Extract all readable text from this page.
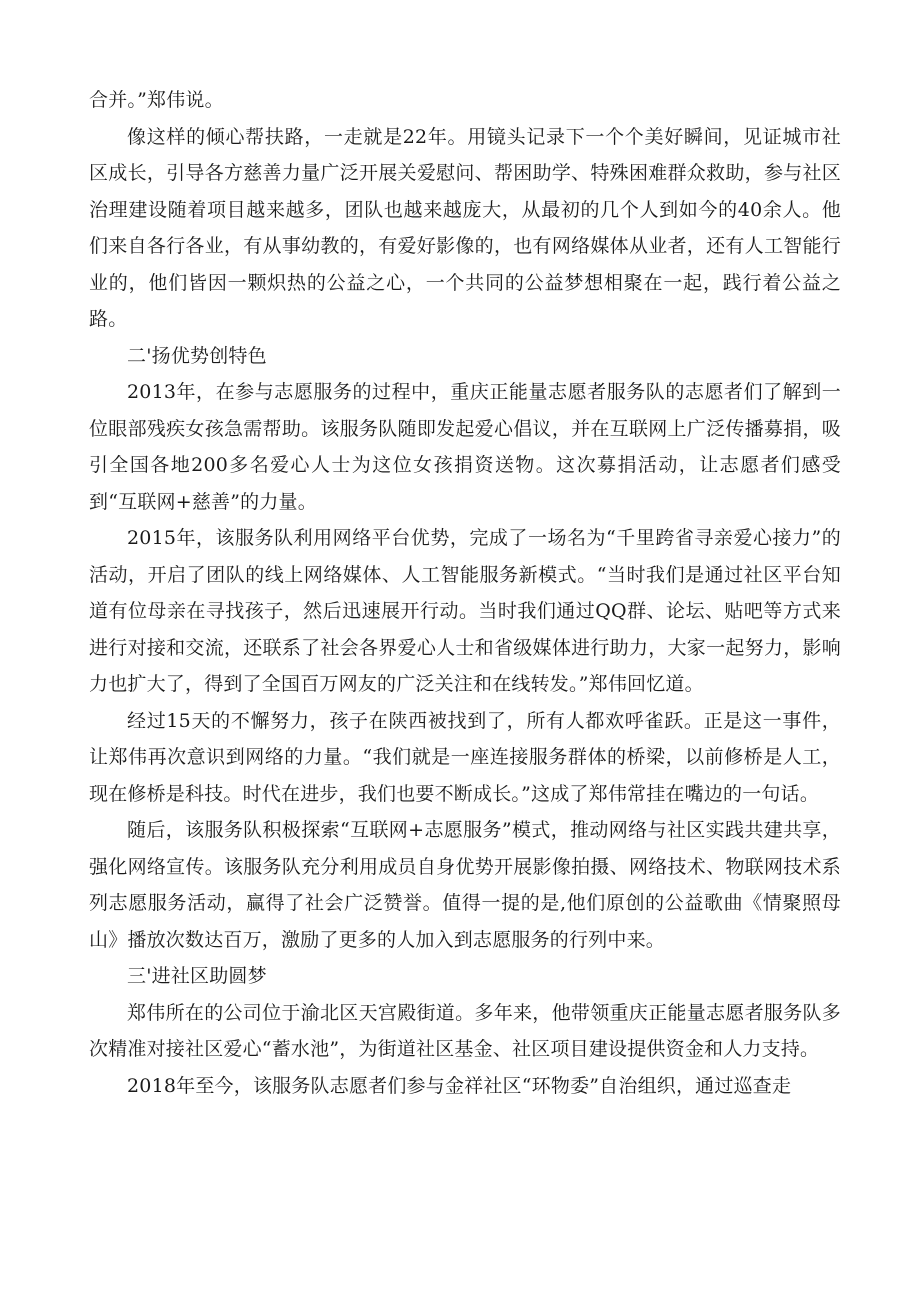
合并。”郑伟说。

像这样的倾心帮扶路，一走就是22年。用镜头记录下一个个美好瞬间，见证城市社区成长，引导各方慈善力量广泛开展关爱慰问、帮困助学、特殊困难群众救助，参与社区治理建设随着项目越来越多，团队也越来越庞大，从最初的几个人到如今的40余人。他们来自各行各业，有从事幼教的，有爱好影像的，也有网络媒体从业者，还有人工智能行业的，他们皆因一颗炽热的公益之心，一个共同的公益梦想相聚在一起，践行着公益之路。

二'扬优势创特色

2013年，在参与志愿服务的过程中，重庆正能量志愿者服务队的志愿者们了解到一位眼部残疾女孩急需帮助。该服务队随即发起爱心倡议，并在互联网上广泛传播募捐，吸引全国各地200多名爱心人士为这位女孩捐资送物。这次募捐活动，让志愿者们感受到“互联网+慈善”的力量。

2015年，该服务队利用网络平台优势，完成了一场名为“千里跨省寻亲爱心接力”的活动，开启了团队的线上网络媒体、人工智能服务新模式。“当时我们是通过社区平台知道有位母亲在寻找孩子，然后迅速展开行动。当时我们通过QQ群、论坛、贴吧等方式来进行对接和交流，还联系了社会各界爱心人士和省级媒体进行助力，大家一起努力，影响力也扩大了，得到了全国百万网友的广泛关注和在线转发。”郑伟回忆道。

经过15天的不懈努力，孩子在陕西被找到了，所有人都欢呼雀跃。正是这一事件，让郑伟再次意识到网络的力量。“我们就是一座连接服务群体的桥梁，以前修桥是人工，现在修桥是科技。时代在进步，我们也要不断成长。”这成了郑伟常挂在嘴边的一句话。

随后，该服务队积极探索“互联网+志愿服务”模式，推动网络与社区实践共建共享，强化网络宣传。该服务队充分利用成员自身优势开展影像拍摄、网络技术、物联网技术系列志愿服务活动，赢得了社会广泛赞誉。值得一提的是,他们原创的公益歌曲《情聚照母山》播放次数达百万，激励了更多的人加入到志愿服务的行列中来。

三'进社区助圆梦

郑伟所在的公司位于渝北区天宫殿街道。多年来，他带领重庆正能量志愿者服务队多次精准对接社区爱心“蓄水池”，为街道社区基金、社区项目建设提供资金和人力支持。

2018年至今，该服务队志愿者们参与金祥社区“环物委”自治组织，通过巡查走
